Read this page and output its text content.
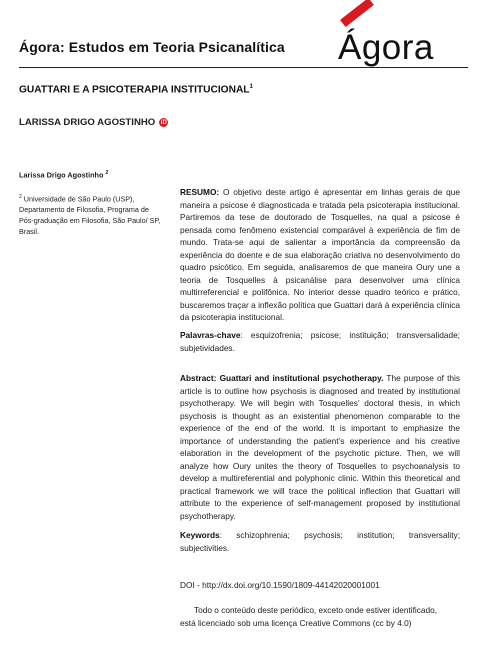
Ágora: Estudos em Teoria Psicanalítica Ágora
GUATTARI E A PSICOTERAPIA INSTITUCIONAL$^1$
LARISSA DRIGO AGOSTINHO iD
Larissa Drigo Agostinho $^2$
$^2$ Universidade de São Paulo (USP), Departamento de Filosofia, Programa de Pós-graduação em Filosofia, São Paulo/ SP, Brasil.
RESUMO: O objetivo deste artigo é apresentar em linhas gerais de que maneira a psicose é diagnosticada e tratada pela psicoterapia institucional. Partiremos da tese de doutorado de Tosquelles, na qual a psicose é pensada como fenômeno existencial comparável à experiência de fim de mundo. Trata-se aqui de salientar a importância da compreensão da experiência do doente e de sua elaboração criativa no desenvolvimento do quadro psicótico. Em seguida, analisaremos de que maneira Oury une a teoria de Tosquelles à psicanálise para desenvolver uma clínica multirreferencial e polifônica. No interior desse quadro teórico e prático, buscaremos traçar a inflexão política que Guattari dará à experiência clínica da psicoterapia institucional.
Palavras-chave: esquizofrenia; psicose; instituição; transversalidade; subjetividades.
Abstract: Guattari and institutional psychotherapy. The purpose of this article is to outline how psychosis is diagnosed and treated by institutional psychotherapy. We will begin with Tosquelles’ doctoral thesis, in which psychosis is thought as an existential phenomenon comparable to the experience of the end of the world. It is important to emphasize the importance of understanding the patient’s experience and his creative elaboration in the development of the psychotic picture. Then, we will analyze how Oury unites the theory of Tosquelles to psychoanalysis to develop a multireferential and polyphonic clinic. Within this theoretical and practical framework we will trace the political inflection that Guattari will attribute to the experience of self-management proposed by institutional psychotherapy.
Keywords: schizophrenia; psychosis; institution; transversality; subjectivities.
DOI - http://dx.doi.org/10.1590/1809-44142020001001
Todo o conteúdo deste periódico, exceto onde estiver identificado,
está licenciado sob uma licença Creative Commons (cc by 4.0)
